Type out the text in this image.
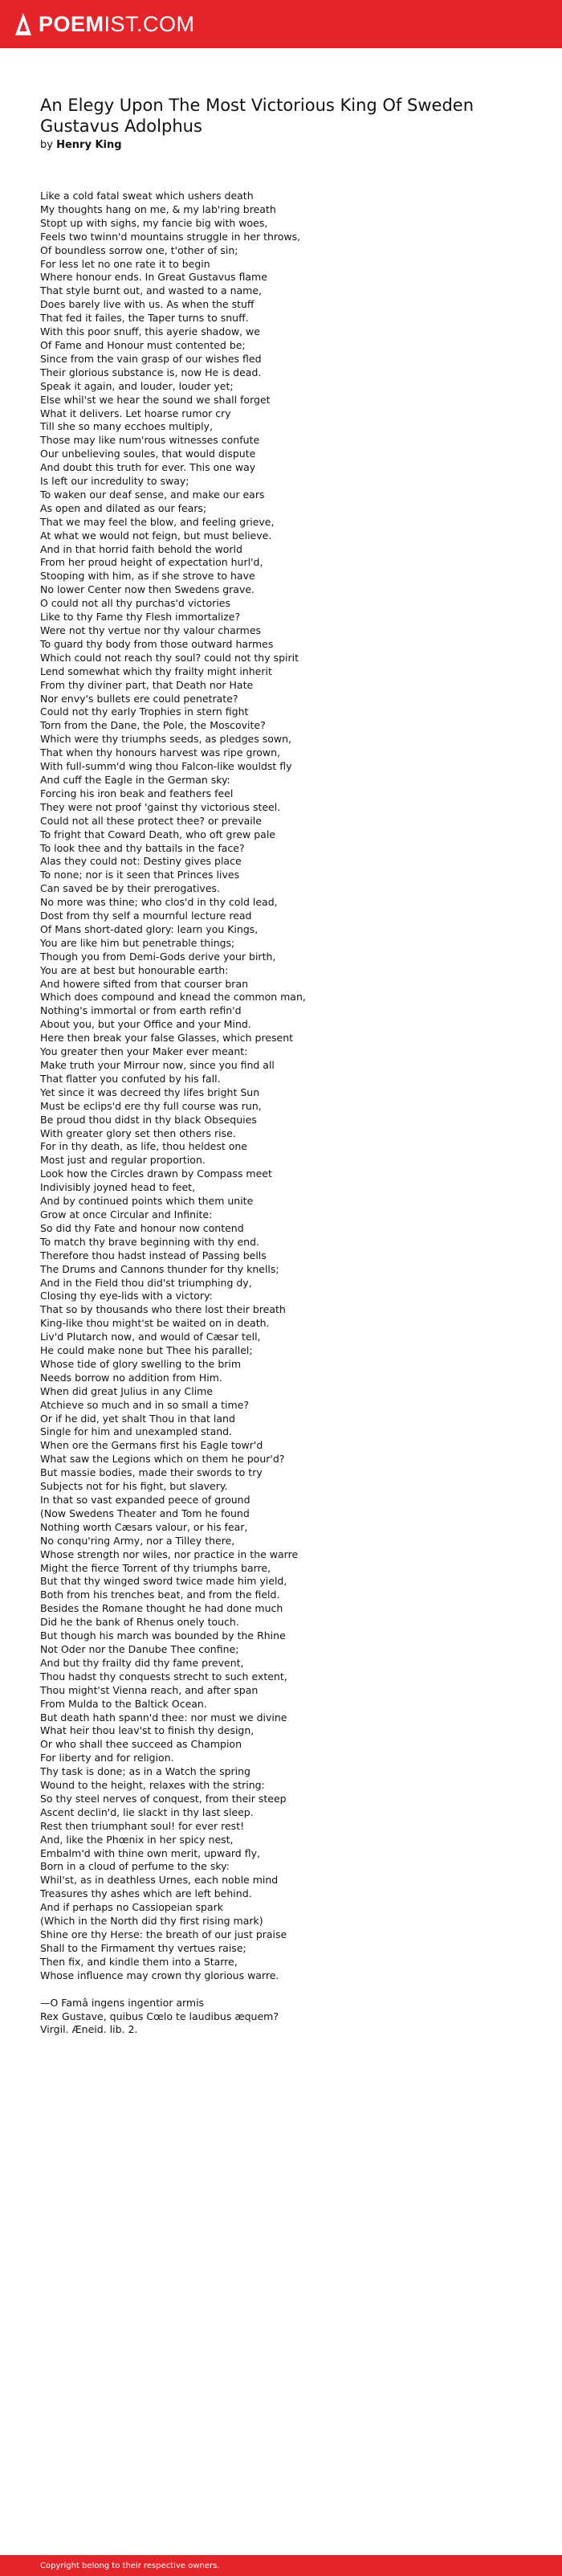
POEMIST.COM
An Elegy Upon The Most Victorious King Of Sweden Gustavus Adolphus
by Henry King
Like a cold fatal sweat which ushers death
My thoughts hang on me, & my lab'ring breath
Stopt up with sighs, my fancie big with woes,
Feels two twinn'd mountains struggle in her throws,
Of boundless sorrow one, t'other of sin;
For less let no one rate it to begin
Where honour ends. In Great Gustavus flame
That style burnt out, and wasted to a name,
Does barely live with us. As when the stuff
That fed it failes, the Taper turns to snuff.
With this poor snuff, this ayerie shadow, we
Of Fame and Honour must contented be;
Since from the vain grasp of our wishes fled
Their glorious substance is, now He is dead.
Speak it again, and louder, louder yet;
Else whil'st we hear the sound we shall forget
What it delivers. Let hoarse rumor cry
Till she so many ecchoes multiply,
Those may like num'rous witnesses confute
Our unbelieving soules, that would dispute
And doubt this truth for ever. This one way
Is left our incredulity to sway;
To waken our deaf sense, and make our ears
As open and dilated as our fears;
That we may feel the blow, and feeling grieve,
At what we would not feign, but must believe.
And in that horrid faith behold the world
From her proud height of expectation hurl'd,
Stooping with him, as if she strove to have
No lower Center now then Swedens grave.
O could not all thy purchas'd victories
Like to thy Fame thy Flesh immortalize?
Were not thy vertue nor thy valour charmes
To guard thy body from those outward harmes
Which could not reach thy soul? could not thy spirit
Lend somewhat which thy frailty might inherit
From thy diviner part, that Death nor Hate
Nor envy's bullets ere could penetrate?
Could not thy early Trophies in stern fight
Torn from the Dane, the Pole, the Moscovite?
Which were thy triumphs seeds, as pledges sown,
That when thy honours harvest was ripe grown,
With full-summ'd wing thou Falcon-like wouldst fly
And cuff the Eagle in the German sky:
Forcing his iron beak and feathers feel
They were not proof 'gainst thy victorious steel.
Could not all these protect thee? or prevaile
To fright that Coward Death, who oft grew pale
To look thee and thy battails in the face?
Alas they could not: Destiny gives place
To none; nor is it seen that Princes lives
Can saved be by their prerogatives.
No more was thine; who clos'd in thy cold lead,
Dost from thy self a mournful lecture read
Of Mans short-dated glory: learn you Kings,
You are like him but penetrable things;
Though you from Demi-Gods derive your birth,
You are at best but honourable earth:
And howere sifted from that courser bran
Which does compound and knead the common man,
Nothing's immortal or from earth refin'd
About you, but your Office and your Mind.
Here then break your false Glasses, which present
You greater then your Maker ever meant:
Make truth your Mirrour now, since you find all
That flatter you confuted by his fall.
Yet since it was decreed thy lifes bright Sun
Must be eclips'd ere thy full course was run,
Be proud thou didst in thy black Obsequies
With greater glory set then others rise.
For in thy death, as life, thou heldest one
Most just and regular proportion.
Look how the Circles drawn by Compass meet
Indivisibly joyned head to feet,
And by continued points which them unite
Grow at once Circular and Infinite:
So did thy Fate and honour now contend
To match thy brave beginning with thy end.
Therefore thou hadst instead of Passing bells
The Drums and Cannons thunder for thy knells;
And in the Field thou did'st triumphing dy,
Closing thy eye-lids with a victory:
That so by thousands who there lost their breath
King-like thou might'st be waited on in death.
Liv'd Plutarch now, and would of Cæsar tell,
He could make none but Thee his parallel;
Whose tide of glory swelling to the brim
Needs borrow no addition from Him.
When did great Julius in any Clime
Atchieve so much and in so small a time?
Or if he did, yet shalt Thou in that land
Single for him and unexampled stand.
When ore the Germans first his Eagle towr'd
What saw the Legions which on them he pour'd?
But massie bodies, made their swords to try
Subjects not for his fight, but slavery.
In that so vast expanded peece of ground
(Now Swedens Theater and Tom he found
Nothing worth Cæsars valour, or his fear,
No conqu'ring Army, nor a Tilley there,
Whose strength nor wiles, nor practice in the warre
Might the fierce Torrent of thy triumphs barre,
But that thy winged sword twice made him yield,
Both from his trenches beat, and from the field.
Besides the Romane thought he had done much
Did he the bank of Rhenus onely touch.
But though his march was bounded by the Rhine
Not Oder nor the Danube Thee confine;
And but thy frailty did thy fame prevent,
Thou hadst thy conquests strecht to such extent,
Thou might'st Vienna reach, and after span
From Mulda to the Baltick Ocean.
But death hath spann'd thee: nor must we divine
What heir thou leav'st to finish thy design,
Or who shall thee succeed as Champion
For liberty and for religion.
Thy task is done; as in a Watch the spring
Wound to the height, relaxes with the string:
So thy steel nerves of conquest, from their steep
Ascent declin'd, lie slackt in thy last sleep.
Rest then triumphant soul! for ever rest!
And, like the Phœnix in her spicy nest,
Embalm'd with thine own merit, upward fly,
Born in a cloud of perfume to the sky:
Whil'st, as in deathless Urnes, each noble mind
Treasures thy ashes which are left behind.
And if perhaps no Cassiopeian spark
(Which in the North did thy first rising mark)
Shine ore thy Herse: the breath of our just praise
Shall to the Firmament thy vertues raise;
Then fix, and kindle them into a Starre,
Whose influence may crown thy glorious warre.
—O Famâ ingens ingentior armis
Rex Gustave, quibus Cœlo te laudibus æquem?
Virgil. Æneid. lib. 2.
Copyright belong to their respective owners.
